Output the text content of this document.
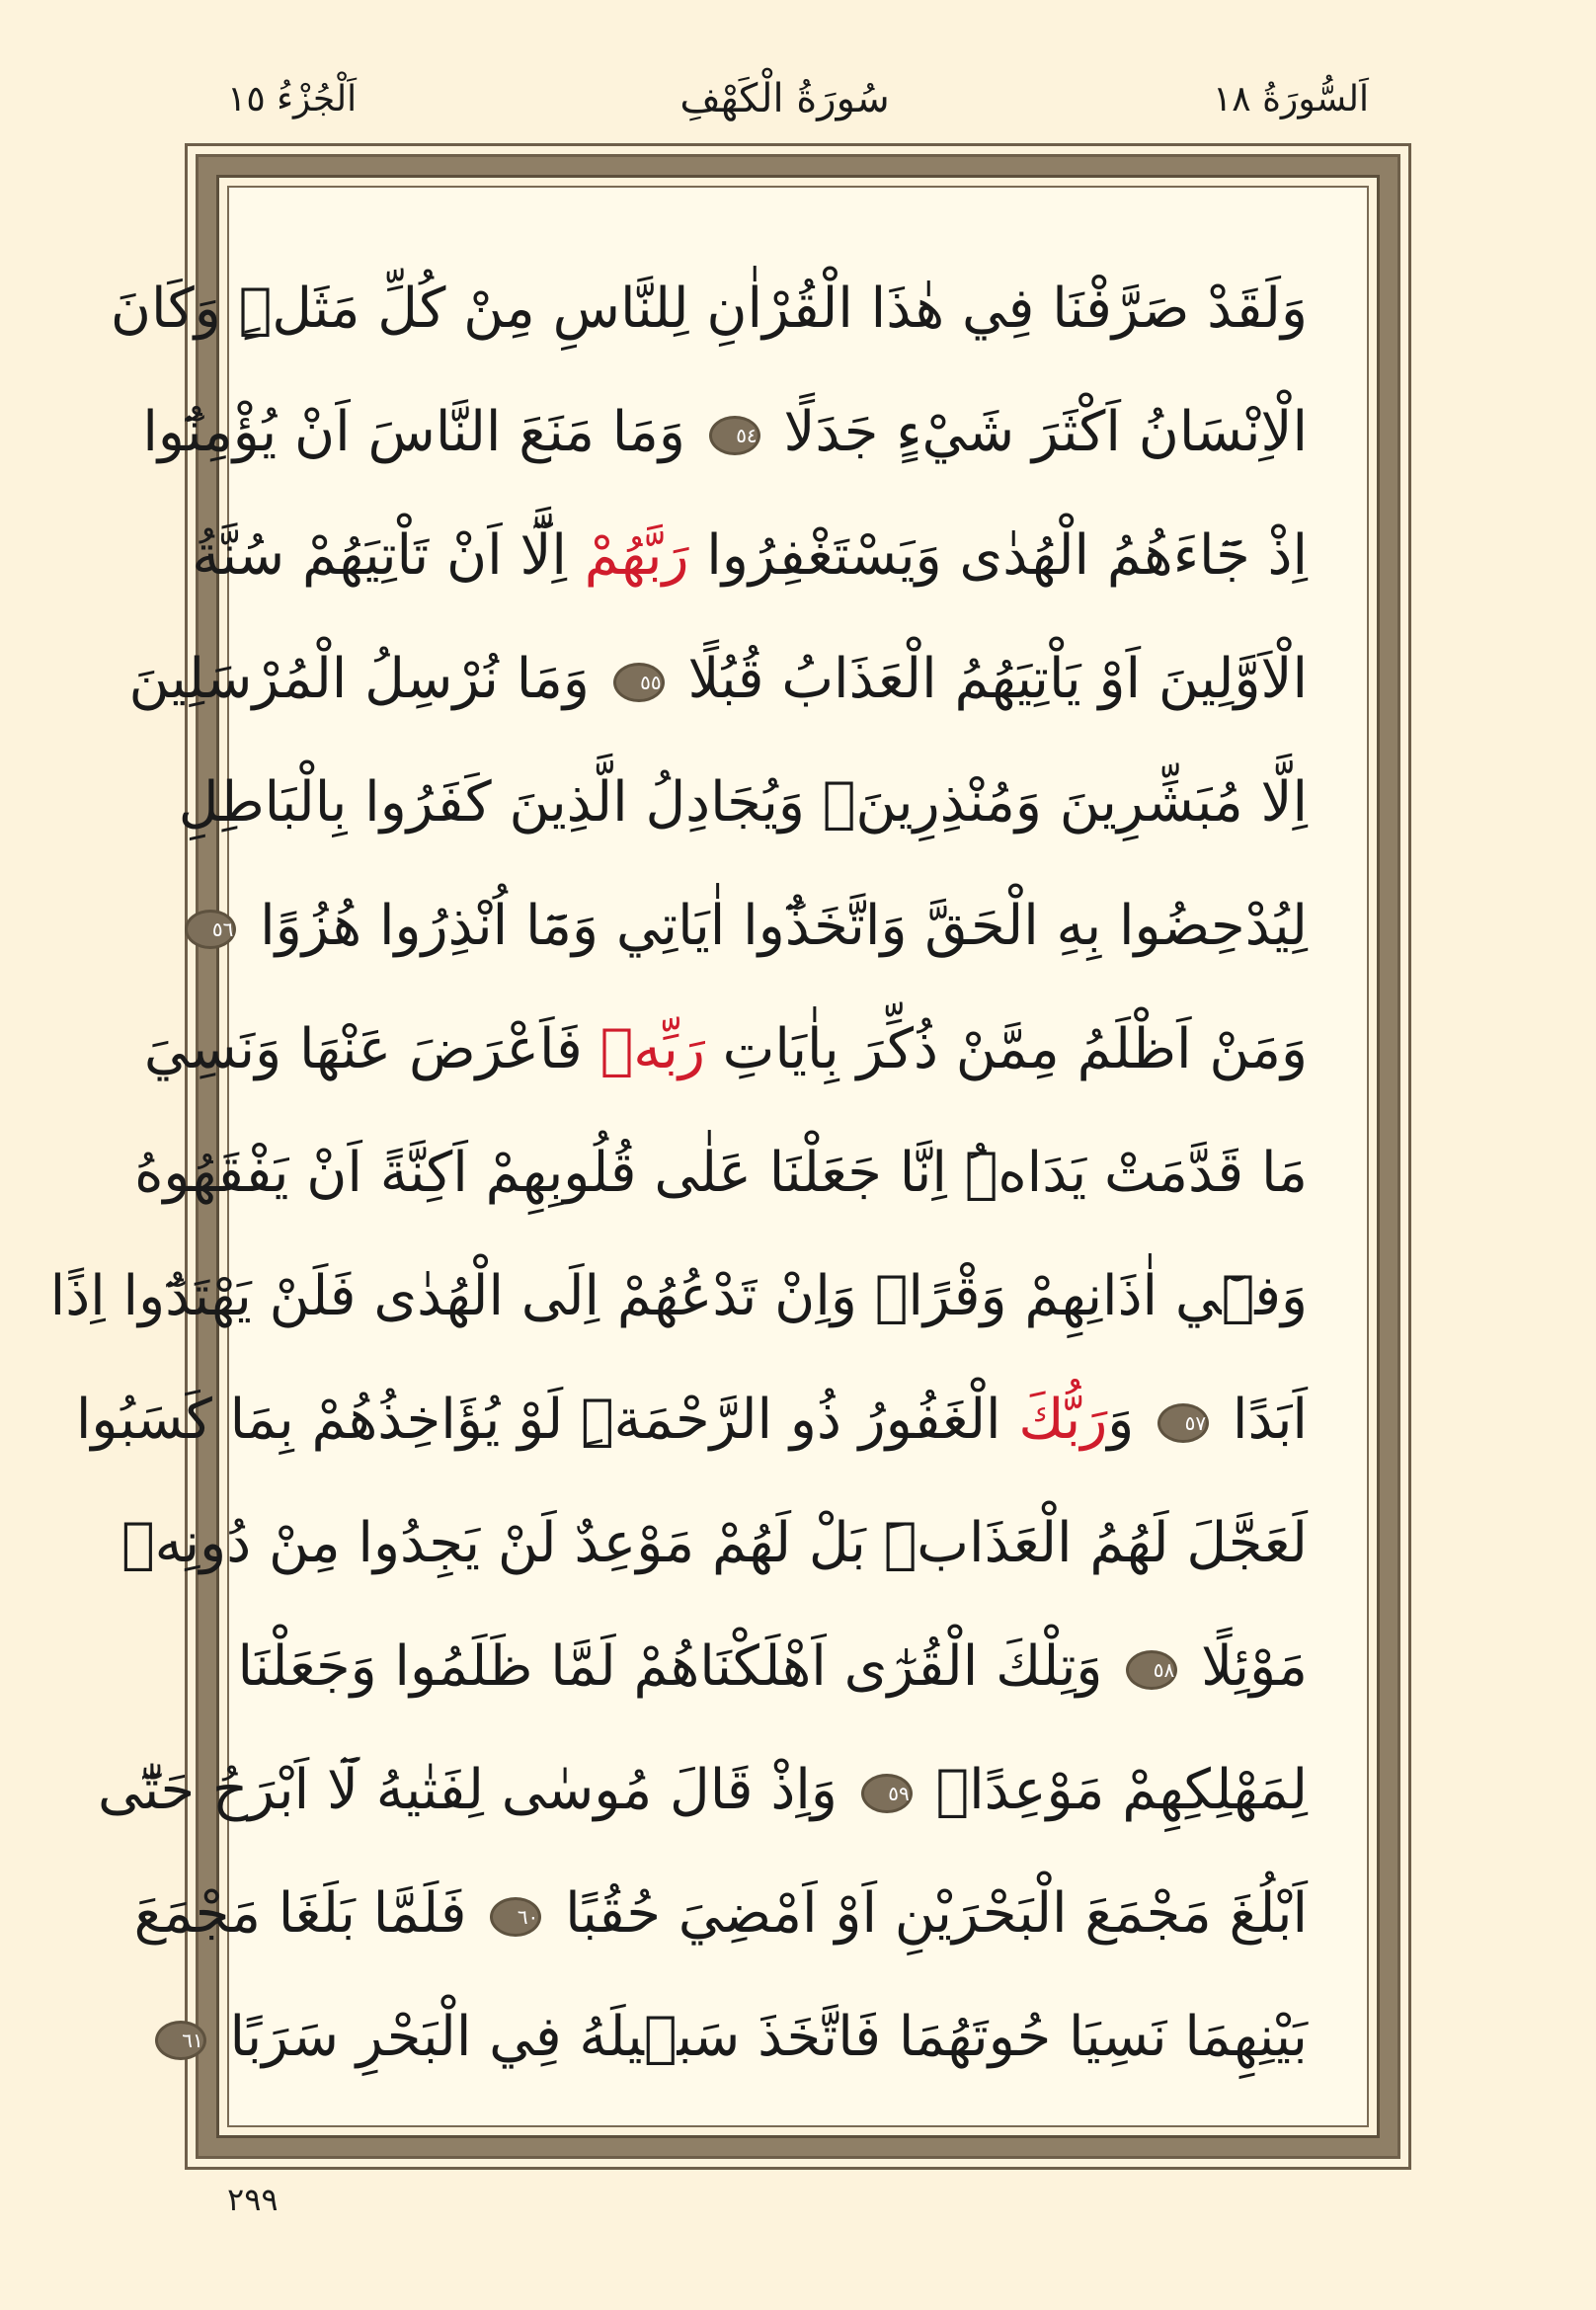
اَلسُّورَةُ ١٨
سُورَةُ الْكَهْفِ
اَلْجُزْءُ ١٥
وَلَقَدْ صَرَّفْنَا فِي هٰذَا الْقُرْاٰنِ لِلنَّاسِ مِنْ كُلِّ مَثَلٍۜ وَكَانَ
الْاِنْسَانُ اَكْثَرَ شَيْءٍ جَدَلًا ٥٤ وَمَا مَنَعَ النَّاسَ اَنْ يُؤْمِنُٓوا
اِذْ جَٓاءَهُمُ الْهُدٰى وَيَسْتَغْفِرُوا رَبَّهُمْ اِلَّٓا اَنْ تَاْتِيَهُمْ سُنَّةُ
الْاَوَّلِينَ اَوْ يَاْتِيَهُمُ الْعَذَابُ قُبُلًا ٥٥ وَمَا نُرْسِلُ الْمُرْسَلِينَ
اِلَّا مُبَشِّرِينَ وَمُنْذِرِينَۚ وَيُجَادِلُ الَّذِينَ كَفَرُوا بِالْبَاطِلِ
لِيُدْحِضُوا بِهِ الْحَقَّ وَاتَّخَذُٓوا اٰيَاتِي وَمَٓا اُنْذِرُوا هُزُوًا ٥٦
وَمَنْ اَظْلَمُ مِمَّنْ ذُكِّرَ بِاٰيَاتِ رَبِّه۪ فَاَعْرَضَ عَنْهَا وَنَسِيَ
مَا قَدَّمَتْ يَدَاهُۜ اِنَّا جَعَلْنَا عَلٰى قُلُوبِهِمْ اَكِنَّةً اَنْ يَفْقَهُوهُ
وَف۪ٓي اٰذَانِهِمْ وَقْرًاۜ وَاِنْ تَدْعُهُمْ اِلَى الْهُدٰى فَلَنْ يَهْتَدُٓوا اِذًا
اَبَدًا ٥٧ وَرَبُّكَ الْغَفُورُ ذُو الرَّحْمَةِۜ لَوْ يُؤَاخِذُهُمْ بِمَا كَسَبُوا
لَعَجَّلَ لَهُمُ الْعَذَابَۜ بَلْ لَهُمْ مَوْعِدٌ لَنْ يَجِدُوا مِنْ دُونِه۪
مَوْئِلًا ٥٨ وَتِلْكَ الْقُرٰٓى اَهْلَكْنَاهُمْ لَمَّا ظَلَمُوا وَجَعَلْنَا
لِمَهْلِكِهِمْ مَوْعِدًا۟ ٥٩ وَاِذْ قَالَ مُوسٰى لِفَتٰيهُ لَٓا اَبْرَحُ حَتّٰٓى
اَبْلُغَ مَجْمَعَ الْبَحْرَيْنِ اَوْ اَمْضِيَ حُقُبًا ٦٠ فَلَمَّا بَلَغَا مَجْمَعَ
بَيْنِهِمَا نَسِيَا حُوتَهُمَا فَاتَّخَذَ سَب۪يلَهُ فِي الْبَحْرِ سَرَبًا ٦١
٢٩٩
